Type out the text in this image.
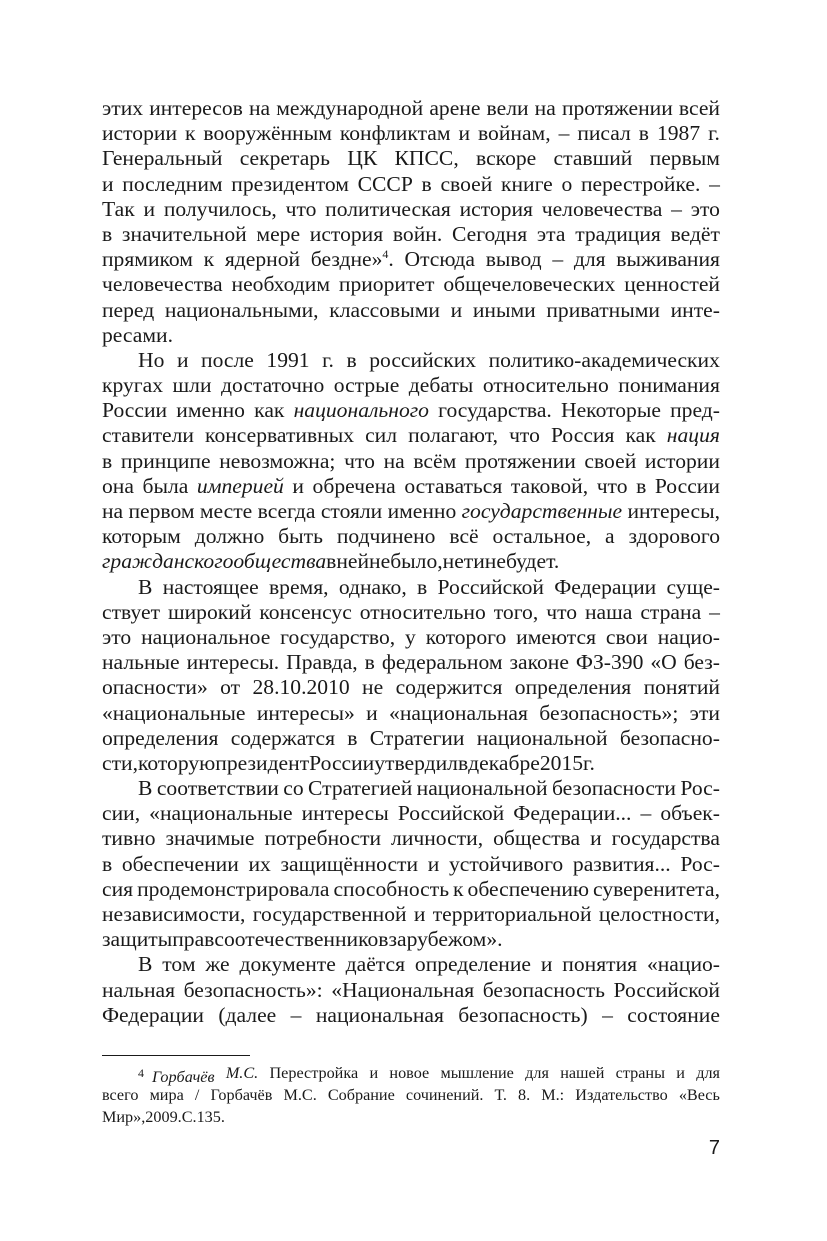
этих интересов на международной арене вели на протяжении всей
истории к вооружённым конфликтам и войнам, – писал в 1987 г.
Генеральный секретарь ЦК КПСС, вскоре ставший первым
и последним президентом СССР в своей книге о перестройке. –
Так и получилось, что политическая история человечества – это
в значительной мере история войн. Сегодня эта традиция ведёт
прямиком к ядерной бездне»$^4$. Отсюда вывод – для выживания
человечества необходим приоритет общечеловеческих ценностей
перед национальными, классовыми и иными приватными инте-
ресами.
Но и после 1991 г. в российских политико-академических
кругах шли достаточно острые дебаты относительно понимания
России именно как национального государства. Некоторые пред-
ставители консервативных сил полагают, что Россия как нация
в принципе невозможна; что на всём протяжении своей истории
она была империей и обречена оставаться таковой, что в России
на первом месте всегда стояли именно государственные интересы,
которым должно быть подчинено всё остальное, а здорового
гражданского общества в ней не было, нет и не будет.
В настоящее время, однако, в Российской Федерации суще-
ствует широкий консенсус относительно того, что наша страна –
это национальное государство, у которого имеются свои нацио-
нальные интересы. Правда, в федеральном законе ФЗ-390 «О без-
опасности» от 28.10.2010 не содержится определения понятий
«национальные интересы» и «национальная безопасность»; эти
определения содержатся в Стратегии национальной безопасно-
сти, которую президент России утвердил в декабре 2015 г.
В соответствии со Стратегией национальной безопасности Рос-
сии, «национальные интересы Российской Федерации... – объек-
тивно значимые потребности личности, общества и государства
в обеспечении их защищённости и устойчивого развития... Рос-
сия продемонстрировала способность к обеспечению суверенитета,
независимости, государственной и территориальной целостности,
защиты прав соотечественников за рубежом».
В том же документе даётся определение и понятия «нацио-
нальная безопасность»: «Национальная безопасность Российской
Федерации (далее – национальная безопасность) – состояние
$^4$ Горбачёв М.С. Перестройка и новое мышление для нашей страны и для
всего мира / Горбачёв М.С. Собрание сочинений. Т. 8. М.: Издательство «Весь
Мир», 2009. С. 135.
7
